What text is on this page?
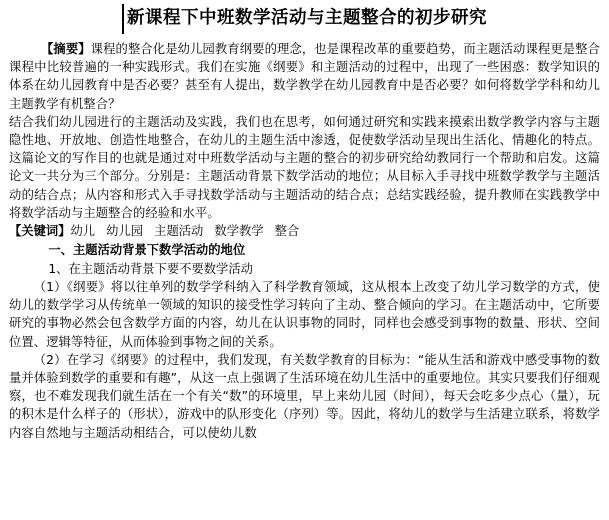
新课程下中班数学活动与主题整合的初步研究

【摘要】课程的整合化是幼儿园教育纲要的理念，也是课程改革的重要趋势，而主题活动课程更是整合课程中比较普遍的一种实践形式。我们在实施《纲要》和主题活动的过程中，出现了一些困惑：数学知识的体系在幼儿园教育中是否必要？甚至有人提出，数学教学在幼儿园教育中是否必要？如何将数学学科和幼儿主题教学有机整合？

结合我们幼儿园进行的主题活动及实践，我们也在思考，如何通过研究和实践来摸索出数学教学内容与主题隐性地、开放地、创造性地整合，在幼儿的主题生活中渗透，促使数学活动呈现出生活化、情趣化的特点。这篇论文的写作目的也就是通过对中班数学活动与主题的整合的初步研究给幼教同行一个帮助和启发。这篇论文一共分为三个部分。分别是：主题活动背景下数学活动的地位；从目标入手寻找中班数学教学与主题活动的结合点；从内容和形式入手寻找数学活动与主题活动的结合点；总结实践经验，提升教师在实践教学中将数学活动与主题整合的经验和水平。

【关键词】幼儿 幼儿园 主题活动 数学教学 整合

一、主题活动背景下数学活动的地位

1、在主题活动背景下要不要数学活动

（1）《纲要》将以往单列的数学学科纳入了科学教育领域，这从根本上改变了幼儿学习数学的方式，使幼儿的数学学习从传统单一领域的知识的接受性学习转向了主动、整合倾向的学习。在主题活动中，它所要研究的事物必然会包含数学方面的内容，幼儿在认识事物的同时，同样也会感受到事物的数量、形状、空间位置、逻辑等特征，从而体验到事物之间的关系。

（2）在学习《纲要》的过程中，我们发现，有关数学教育的目标为：“能从生活和游戏中感受事物的数量并体验到数学的重要和有趣”，从这一点上强调了生活环境在幼儿生活中的重要地位。其实只要我们仔细观察，也不难发现我们就生活在一个有关“数”的环境里，早上来幼儿园（时间），每天会吃多少点心（量），玩的积木是什么样子的（形状），游戏中的队形变化（序列）等。因此，将幼儿的数学与生活建立联系，将数学内容自然地与主题活动相结合，可以使幼儿数
